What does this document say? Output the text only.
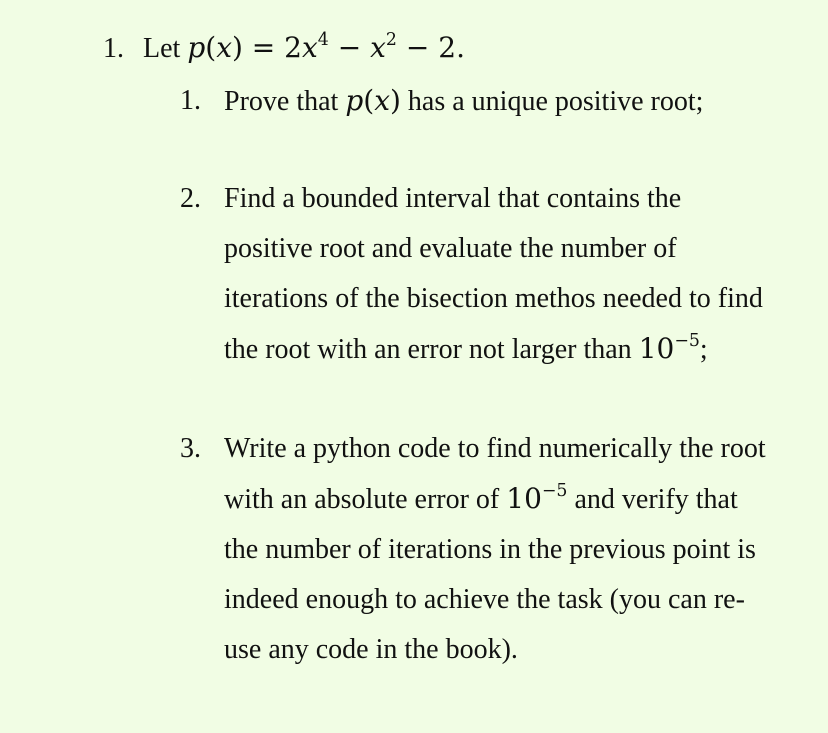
1. Let $p(x) = 2x^4 - x^2 - 2$.
1. Prove that p(x) has a unique positive root;
2. Find a bounded interval that contains the positive root and evaluate the number of iterations of the bisection methos needed to find the root with an error not larger than $10^{-5}$;
3. Write a python code to find numerically the root with an absolute error of $10^{-5}$ and verify that the number of iterations in the previous point is indeed enough to achieve the task (you can re-use any code in the book).
